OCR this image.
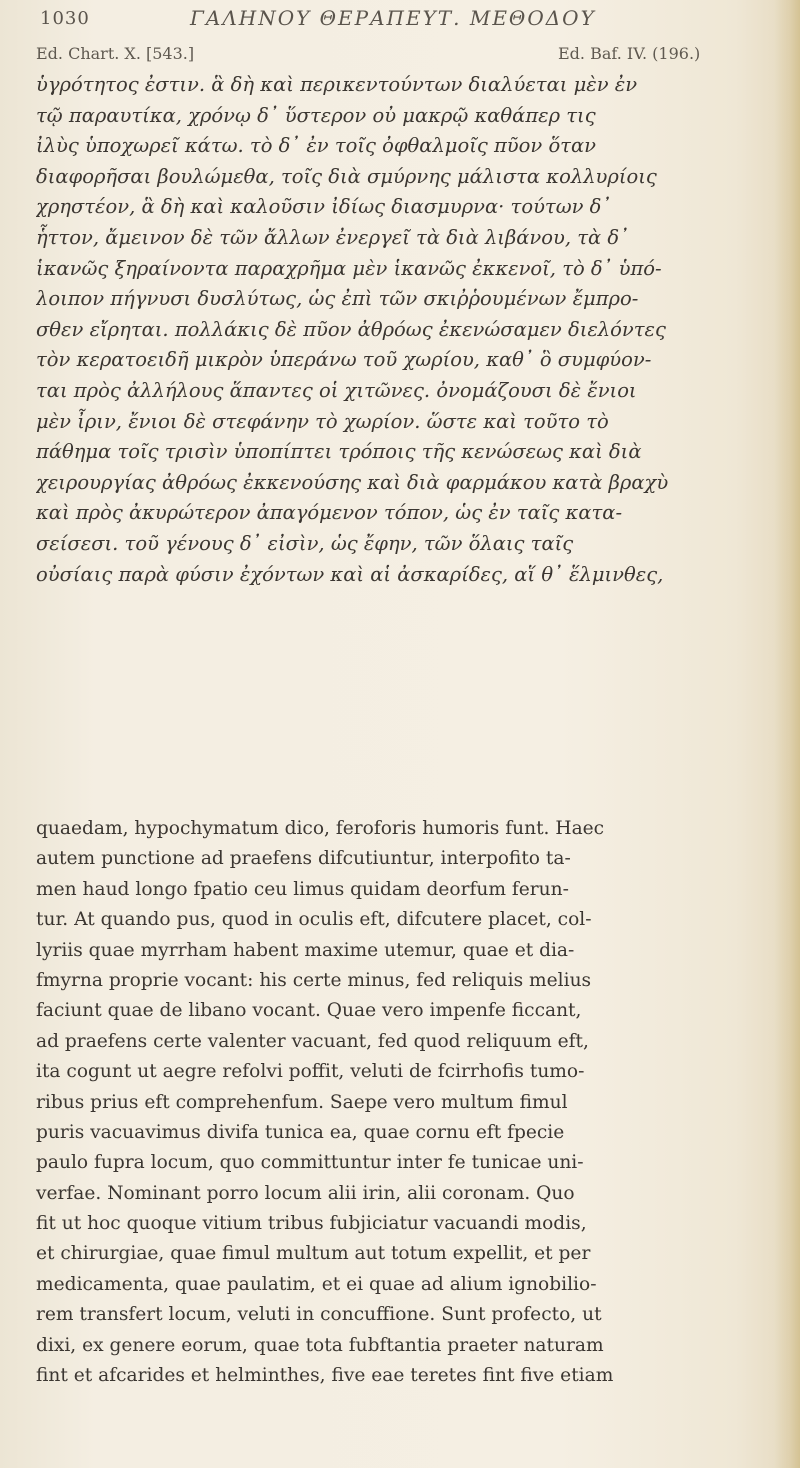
1030	ΓΑΛΗΝΟΥ ΘΕΡΑΠΕΥΤ. ΜΕΘΟΔΟΥ
Ed. Chart. X. [543.]	Ed. Baf. IV. (196.)
ὑγρότητος ἐστιν. ἃ δὴ καὶ περικεντούντων διαλύεται μὲν ἐν
τῷ παραυτίκα, χρόνῳ δ᾽ ὕστερον οὐ μακρῷ καθάπερ τις
ἰλὺς ὑποχωρεῖ κάτω. τὸ δ᾽ ἐν τοῖς ὀφθαλμοῖς πῦον ὅταν
διαφορῆσαι βουλώμεθα, τοῖς διὰ σμύρνης μάλιστα κολλυρίοις
χρηστέον, ἃ δὴ καὶ καλοῦσιν ἰδίως διασμυρνα· τούτων δ᾽
ἧττον, ἄμεινον δὲ τῶν ἄλλων ἐνεργεῖ τὰ διὰ λιβάνου, τὰ δ᾽
ἱκανῶς ξηραίνοντα παραχρῆμα μὲν ἱκανῶς ἐκκενοῖ, τὸ δ᾽ ὑπό-
λοιπον πήγνυσι δυσλύτως, ὡς ἐπὶ τῶν σκιῤῥουμένων ἔμπρο-
σθεν εἴρηται. πολλάκις δὲ πῦον ἀθρόως ἐκενώσαμεν διελόντες
τὸν κερατοειδῆ μικρὸν ὑπεράνω τοῦ χωρίου, καθ᾽ ὃ συμφύον-
ται πρὸς ἀλλήλους ἅπαντες οἱ χιτῶνες. ὀνομάζουσι δὲ ἔνιοι
μὲν ἶριν, ἔνιοι δὲ στεφάνην τὸ χωρίον. ὥστε καὶ τοῦτο τὸ
πάθημα τοῖς τρισὶν ὑποπίπτει τρόποις τῆς κενώσεως καὶ διὰ
χειρουργίας ἀθρόως ἐκκενούσης καὶ διὰ φαρμάκου κατὰ βραχὺ
καὶ πρὸς ἀκυρώτερον ἀπαγόμενον τόπον, ὡς ἐν ταῖς κατα-
σείσεσι. τοῦ γένους δ᾽ εἰσὶν, ὡς ἔφην, τῶν ὅλαις ταῖς
οὐσίαις παρὰ φύσιν ἐχόντων καὶ αἱ ἀσκαρίδες, αἵ θ᾽ ἕλμινθες,
quaedam, hypochymatum dico, feroforis humoris funt. Haec
autem punctione ad praefens difcutiuntur, interpofito ta-
men haud longo fpatio ceu limus quidam deorfum ferun-
tur. At quando pus, quod in oculis eft, difcutere placet, col-
lyriis quae myrrham habent maxime utemur, quae et dia-
fmyrna proprie vocant: his certe minus, fed reliquis melius
faciunt quae de libano vocant. Quae vero impenfe ficcant,
ad praefens certe valenter vacuant, fed quod reliquum eft,
ita cogunt ut aegre refolvi poffit, veluti de fcirrhofis tumo-
ribus prius eft comprehenfum. Saepe vero multum fimul
puris vacuavimus divifa tunica ea, quae cornu eft fpecie
paulo fupra locum, quo committuntur inter fe tunicae uni-
verfae. Nominant porro locum alii irin, alii coronam. Quo
fit ut hoc quoque vitium tribus fubjiciatur vacuandi modis,
et chirurgiae, quae fimul multum aut totum expellit, et per
medicamenta, quae paulatim, et ei quae ad alium ignobilio-
rem transfert locum, veluti in concuffione. Sunt profecto, ut
dixi, ex genere eorum, quae tota fubftantia praeter naturam
fint et afcarides et helminthes, five eae teretes fint five etiam
